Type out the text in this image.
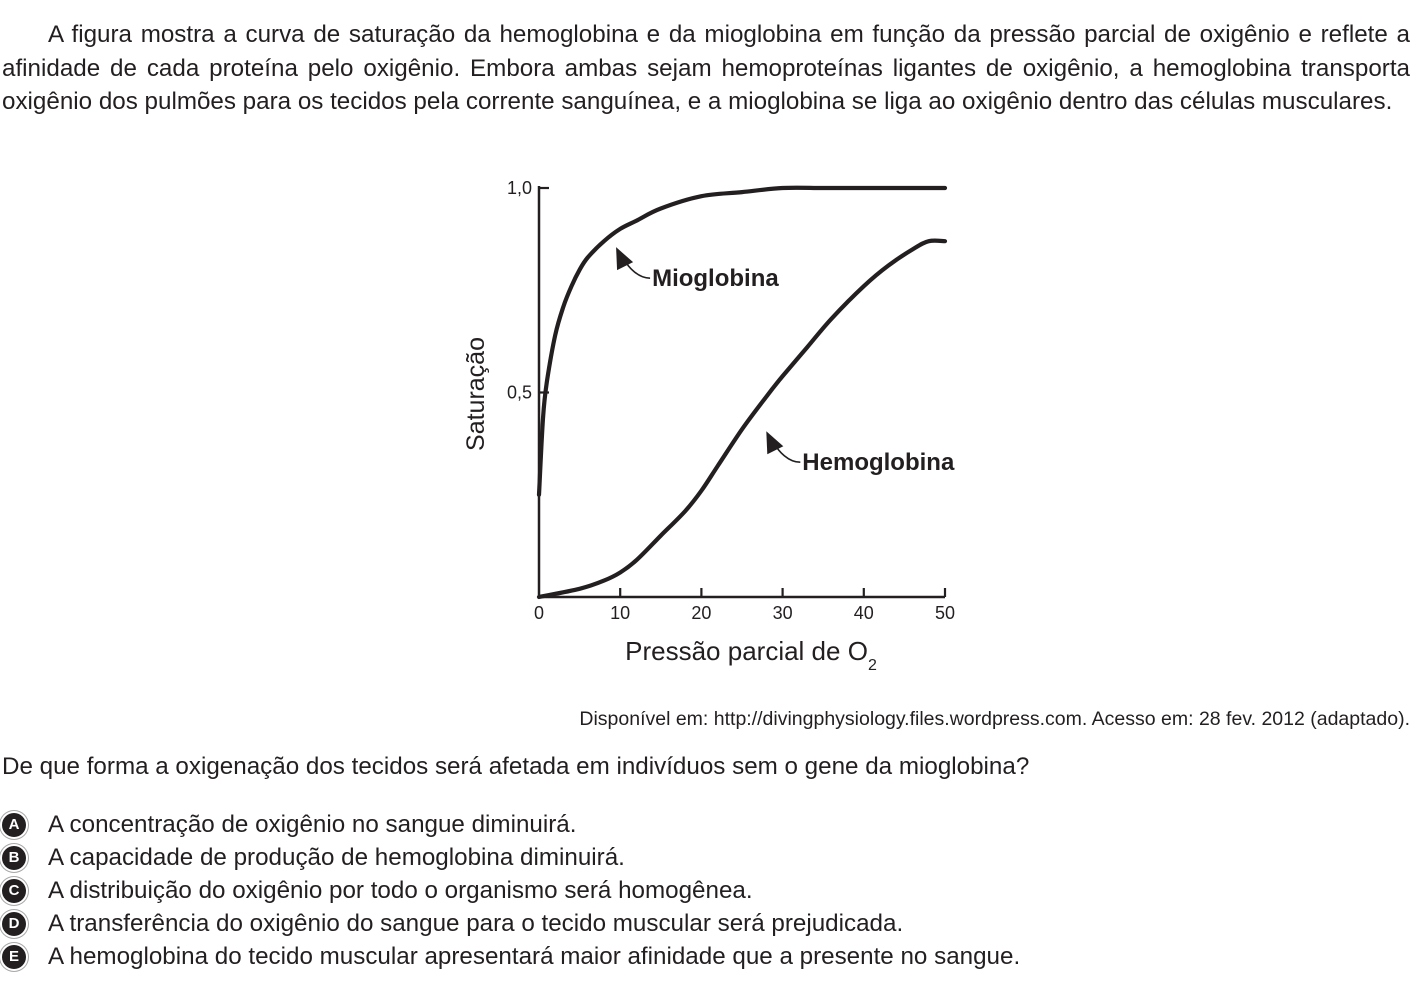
A figura mostra a curva de saturação da hemoglobina e da mioglobina em função da pressão parcial de oxigênio e reflete a afinidade de cada proteína pelo oxigênio. Embora ambas sejam hemoproteínas ligantes de oxigênio, a hemoglobina transporta oxigênio dos pulmões para os tecidos pela corrente sanguínea, e a mioglobina se liga ao oxigênio dentro das células musculares.

0	10	20	30	40	50
0,5
1,0
Mioglobina
Hemoglobina
Saturação
Pressão parcial de $O_2$
Disponível em: http://divingphysiology.files.wordpress.com. Acesso em: 28 fev. 2012 (adaptado).

De que forma a oxigenação dos tecidos será afetada em indivíduos sem o gene da mioglobina?

A A concentração de oxigênio no sangue diminuirá.
B A capacidade de produção de hemoglobina diminuirá.
C A distribuição do oxigênio por todo o organismo será homogênea.
D A transferência do oxigênio do sangue para o tecido muscular será prejudicada.
E A hemoglobina do tecido muscular apresentará maior afinidade que a presente no sangue.
